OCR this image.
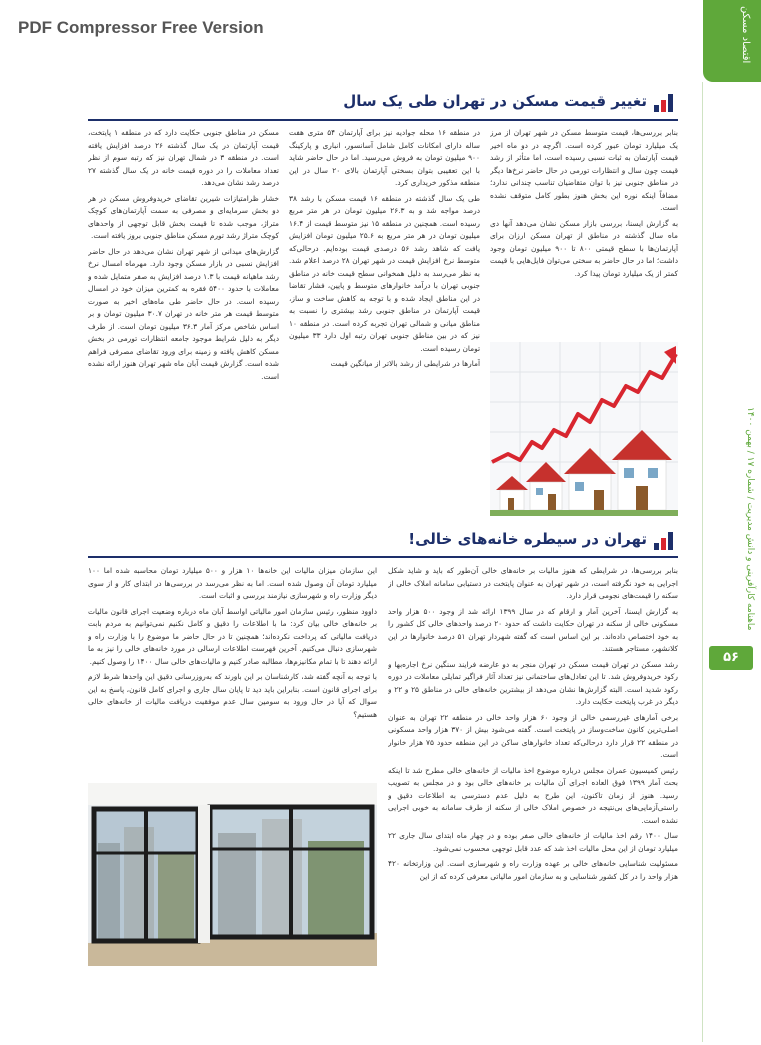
PDF Compressor Free Version	اقتصاد مسکن
ماهنامه کارآفرینی و دانش مدیریت / شماره ۱۷ / بهمن ۱۴۰۰
۵۶
تغییر قیمت مسکن در تهران طی یک سال

بنابر بررسی‌ها، قیمت متوسط مسکن در شهر تهران از مرز یک میلیارد تومان عبور کرده است. اگرچه در دو ماه اخیر قیمت آپارتمان به ثبات نسبی رسیده است، اما متأثر از رشد قیمت چون سال و انتظارات تورمی در حال حاضر نرخ‌ها دیگر در مناطق جنوبی نیز با توان متقاضیان تناسب چندانی ندارد؛ مضافاً اینکه نوره این بخش هنوز بطور کامل متوقف نشده است.

به گزارش ایسنا، بررسی بازار مسکن نشان می‌دهد آنها دی ماه سال گذشته در مناطق از تهران مسکن ارزان برای آپارتمان‌ها با سطح قیمتی ۸۰۰ تا ۹۰۰ میلیون تومان وجود داشت؛ اما در حال حاضر به سختی می‌توان فایل‌هایی با قیمت کمتر از یک میلیارد تومان پیدا کرد.

در منطقه ۱۶ محله جوادیه نیز برای آپارتمان ۵۴ متری هفت ساله دارای امکانات کامل شامل آسانسور، انباری و پارکینگ ۹۰۰ میلیون تومان به فروش می‌رسید. اما در حال حاضر شاید با این تعقیبی بتوان بسختی آپارتمان بالای ۲۰ سال در این منطقه مذکور خریداری کرد.

طی یک سال گذشته در منطقه ۱۶ قیمت مسکن با رشد ۳۸ درصد مواجه شد و به ۲۶.۳ میلیون تومان در هر متر مربع رسیده است. همچنین در منطقه ۱۵ نیز متوسط قیمت از ۱۶.۴ میلیون تومان در هر متر مربع به ۲۵.۶ میلیون تومان افزایش یافت که شاهد رشد ۵۶ درصدی قیمت بوده‌ایم. درحالی‌که متوسط نرخ افزایش قیمت در شهر تهران ۲۸ درصد اعلام شد. به نظر می‌رسد به دلیل همخوانی سطح قیمت خانه در مناطق جنوبی تهران با درآمد خانوارهای متوسط و پایین، فشار تقاضا در این مناطق ایجاد شده و با توجه به کاهش ساخت و ساز، قیمت آپارتمان در مناطق جنوبی رشد بیشتری را نسبت به مناطق میانی و شمالی تهران تجربه کرده است. در منطقه ۱۰ نیز که در بین مناطق جنوبی تهران رتبه اول دارد ۳۳ میلیون تومان رسیده است.

آمارها در شرایطی از رشد بالاتر از میانگین قیمت

مسکن در مناطق جنوبی حکایت دارد که در منطقه ۱ پایتخت، قیمت آپارتمان در یک سال گذشته ۲۶ درصد افزایش یافته است. در منطقه ۳ در شمال تهران نیز که رتبه سوم از نظر تعداد معاملات را در دوره قیمت خانه در یک سال گذشته ۲۷ درصد رشد نشان می‌دهد.

خشار ظرامتیازات شیرین تقاضای خریدوفروش مسکن در هر دو بخش سرمایه‌ای و مصرفی به سمت آپارتمان‌های کوچک متراژ، موجب شده تا قیمت بخش قابل توجهی از واحدهای کوچک متراژ رشد تورم مسکن مناطق جنوبی بروز یافته است.

گزارش‌های میدانی از شهر تهران نشان می‌دهد در حال حاضر افزایش نسبی در بازار مسکن وجود دارد. مهرماه امسال نرخ رشد ماهیانه قیمت با ۱.۳ درصد افزایش به صفر متمایل شده و معاملات با حدود ۵۴۰۰ فقره به کمترین میزان خود در امسال رسیده است. در حال حاضر طی ماه‌های اخیر به صورت متوسط قیمت هر متر خانه در تهران ۳۰.۷ میلیون تومان و بر اساس شاخص مرکز آمار ۳۶.۳ میلیون تومان است. از طرف دیگر به دلیل شرایط موجود جامعه انتظارات تورمی در بخش مسکن کاهش یافته و زمینه برای ورود تقاضای مصرفی فراهم شده است. گزارش قیمت آبان ماه شهر تهران هنوز ارائه نشده است.

تهران در سیطره خانه‌های خالی!

بنابر بررسی‌ها، در شرایطی که هنوز مالیات بر خانه‌های خالی آن‌طور که باید و شاید شکل اجرایی به خود نگرفته است، در شهر تهران به عنوان پایتخت در دستیابی سامانه املاک خالی از سکنه را قیمت‌های نجومی قرار دارد.

به گزارش ایسنا، آخرین آمار و ارقام که در سال ۱۳۹۹ ارائه شد از وجود ۵۰۰ هزار واحد مسکونی خالی از سکنه در تهران حکایت داشت که حدود ۲۰ درصد واحدهای خالی کل کشور را به خود اختصاص داده‌اند. بر این اساس است که گفته شهردار تهران ۵۱ درصد خانوارها در این کلانشهر، مستاجر هستند.

رشد مسکن در تهران قیمت مسکن در تهران منجر به دو عارضه فرایند سنگین نرخ اجاره‌بها و رکود خریدوفروش شد. تا این تعادل‌های ساختمانی نیز تعداد آثار فراگیر تمایلی معاملات در دوره رکود شدید است. البته گزارش‌ها نشان می‌دهد از بیشترین خانه‌های خالی در مناطق ۲۵ و ۲۲ و دیگر در غرب پایتخت حکایت دارد.

برخی آمارهای غیررسمی خالی از وجود ۶۰ هزار واحد خالی در منطقه ۲۲ تهران به عنوان اصلی‌ترین کانون ساخت‌وساز در پایتخت است. گفته می‌شود بیش از ۳۷۰ هزار واحد مسکونی در منطقه ۲۲ قرار دارد درحالی‌که تعداد خانوارهای ساکن در این منطقه حدود ۷۵ هزار خانوار است.

رئیس کمیسیون عمران مجلس درباره موضوع اخذ مالیات از خانه‌های خالی مطرح شد تا اینکه بحث آمار ۱۳۹۹ فوق العاده اجرای آن مالیات بر خانه‌های خالی بود و در مجلس به تصویب رسید. هنوز از زمان تاکنون، این طرح به دلیل عدم دسترسی به اطلاعات دقیق و راستی‌آزمایی‌های بی‌نتیجه در خصوص املاک خالی از سکنه از طرف سامانه به خوبی اجرایی نشده است.

سال ۱۴۰۰ رقم اخذ مالیات از خانه‌های خالی صفر بوده و در چهار ماه ابتدای سال جاری ۲۲ میلیارد تومان از این محل مالیات اخذ شد که عدد قابل توجهی محسوب نمی‌شود.

مسئولیت شناسایی خانه‌های خالی بر عهده وزارت راه و شهرسازی است. این وزارتخانه ۴۲۰ هزار واحد را در کل کشور شناسایی و به سازمان امور مالیاتی معرفی کرده که از این

این سازمان میزان مالیات این خانه‌ها ۱۰ هزار و ۵۰۰ میلیارد تومان محاسبه شده اما ۱۰۰ میلیارد تومان آن وصول شده است. اما به نظر می‌رسد در بررسی‌ها در ابتدای کار و از سوی دیگر وزارت راه و شهرسازی نیازمند بررسی و اثبات است.

داوود منظور، رئیس سازمان امور مالیاتی اواسط آبان ماه درباره وضعیت اجرای قانون مالیات بر خانه‌های خالی بیان کرد: ما با اطلاعات را دقیق و کامل نکنیم نمی‌توانیم به مردم بابت دریافت مالیاتی که پرداخت نکرده‌اند؛ همچنین تا در حال حاضر ما موضوع را با وزارت راه و شهرسازی دنبال می‌کنیم. آخرین فهرست اطلاعات ارسالی در مورد خانه‌های خالی را نیز به ما ارائه دهند تا با تمام مکانیزم‌ها، مطالبه صادر کنیم و مالیات‌های خالی سال ۱۴۰۰ را وصول کنیم.

با توجه به آنچه گفته شد، کارشناسان بر این باورند که به‌روزرسانی دقیق این واحدها شرط لازم برای اجرای قانون است. بنابراین باید دید تا پایان سال جاری و اجرای کامل قانون، پاسخ به این سوال که آیا در حال ورود به سومین سال عدم موفقیت دریافت مالیات از خانه‌های خالی هستیم؟
